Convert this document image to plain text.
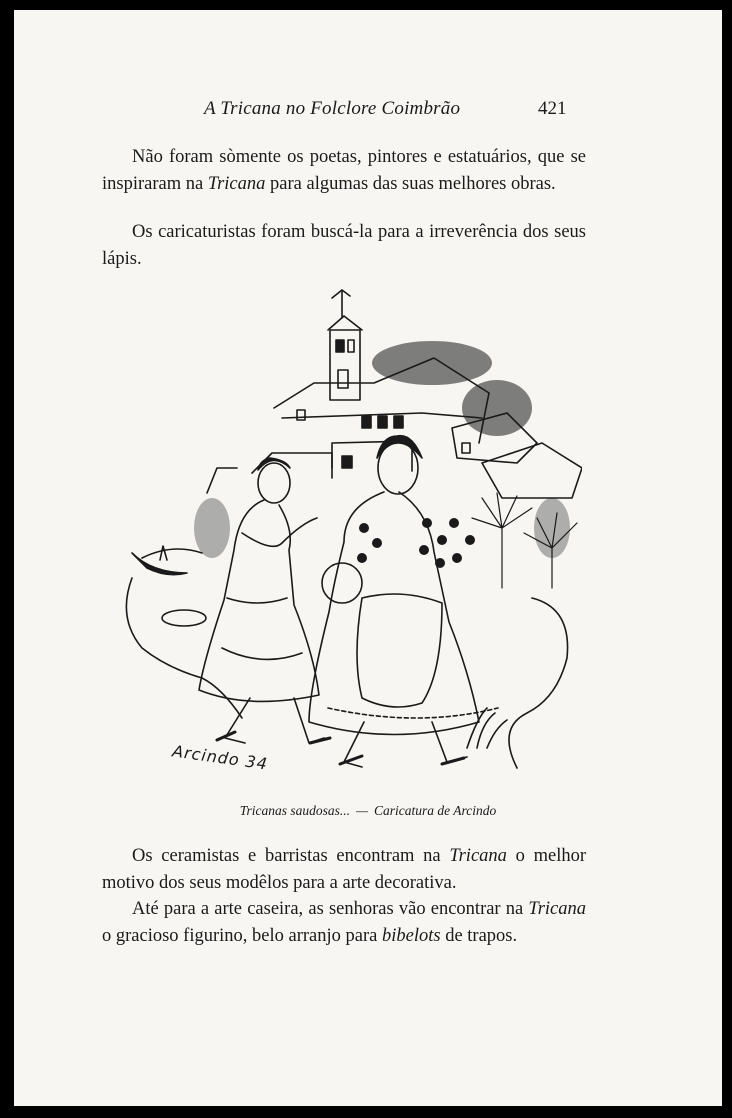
A Tricana no Folclore Coimbrão	421

Não foram sòmente os poetas, pintores e estatuários, que se inspiraram na Tricana para algumas das suas melhores obras.

Os caricaturistas foram buscá-la para a irreverência dos seus lápis.

Arcindo 34
Tricanas saudosas... — Caricatura de Arcindo

Os ceramistas e barristas encontram na Tricana o melhor motivo dos seus modêlos para a arte decorativa.

Até para a arte caseira, as senhoras vão encontrar na Tricana o gracioso figurino, belo arranjo para bibelots de trapos.
